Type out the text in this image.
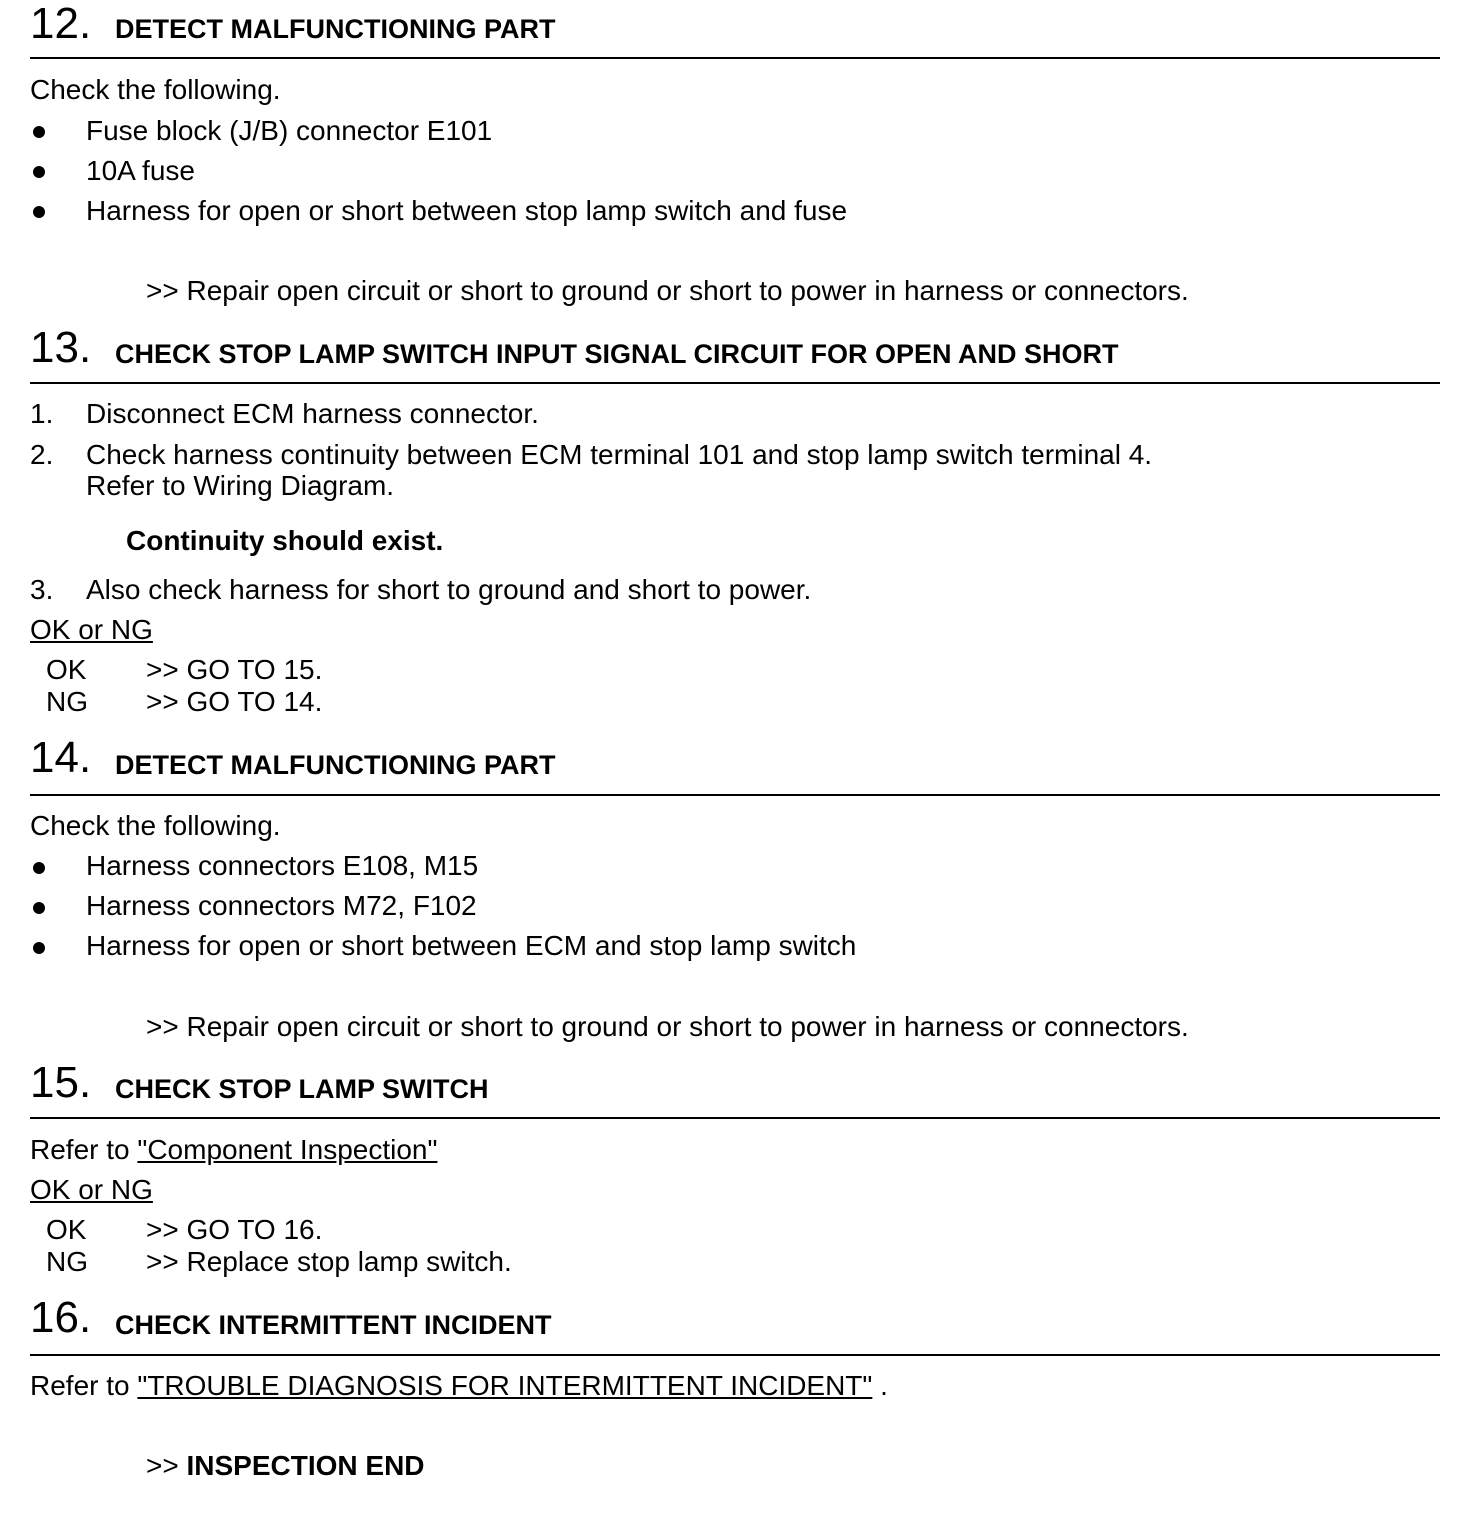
12. DETECT MALFUNCTIONING PART
Check the following.
Fuse block (J/B) connector E101
10A fuse
Harness for open or short between stop lamp switch and fuse
>> Repair open circuit or short to ground or short to power in harness or connectors.
13. CHECK STOP LAMP SWITCH INPUT SIGNAL CIRCUIT FOR OPEN AND SHORT
1. Disconnect ECM harness connector.
2. Check harness continuity between ECM terminal 101 and stop lamp switch terminal 4.
Refer to Wiring Diagram.
Continuity should exist.
3. Also check harness for short to ground and short to power.
OK or NG
OK >> GO TO 15.
NG >> GO TO 14.
14. DETECT MALFUNCTIONING PART
Check the following.
Harness connectors E108, M15
Harness connectors M72, F102
Harness for open or short between ECM and stop lamp switch
>> Repair open circuit or short to ground or short to power in harness or connectors.
15. CHECK STOP LAMP SWITCH
Refer to "Component Inspection"
OK or NG
OK >> GO TO 16.
NG >> Replace stop lamp switch.
16. CHECK INTERMITTENT INCIDENT
Refer to "TROUBLE DIAGNOSIS FOR INTERMITTENT INCIDENT" .
>> INSPECTION END
